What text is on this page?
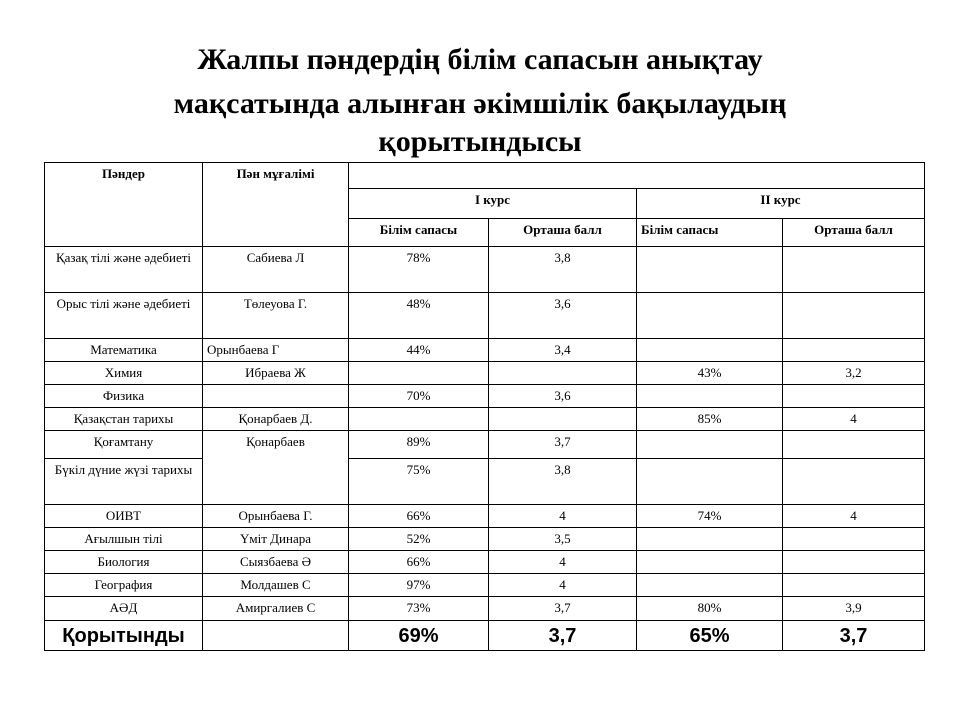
Жалпы пәндердің білім сапасын анықтау
мақсатында алынған әкімшілік бақылаудың
қорытындысы
Пәндер	Пән мұғалімі				
		І курс		ІІ курс	
		Білім сапасы	Орташа балл	Білім сапасы	Орташа балл
Қазақ тілі және әдебиеті	Сабиева Л	78%	3,8		
Орыс тілі және әдебиеті	Төлеуова Г.	48%	3,6		
Математика	Орынбаева Г	44%	3,4		
Химия	Ибраева Ж			43%	3,2
Физика		70%	3,6		
Қазақстан тарихы	Қонарбаев Д.			85%	4
Қоғамтану	Қонарбаев	89%	3,7		
Бүкіл дүние жүзі тарихы		75%	3,8		
ОИВТ	Орынбаева Г.	66%	4	74%	4
Ағылшын тілі	Үміт Динара	52%	3,5		
Биология	Сыязбаева Ә	66%	4		
География	Молдашев С	97%	4		
АӘД	Амиргалиев С	73%	3,7	80%	3,9
Қорытынды		69%	3,7	65%	3,7
